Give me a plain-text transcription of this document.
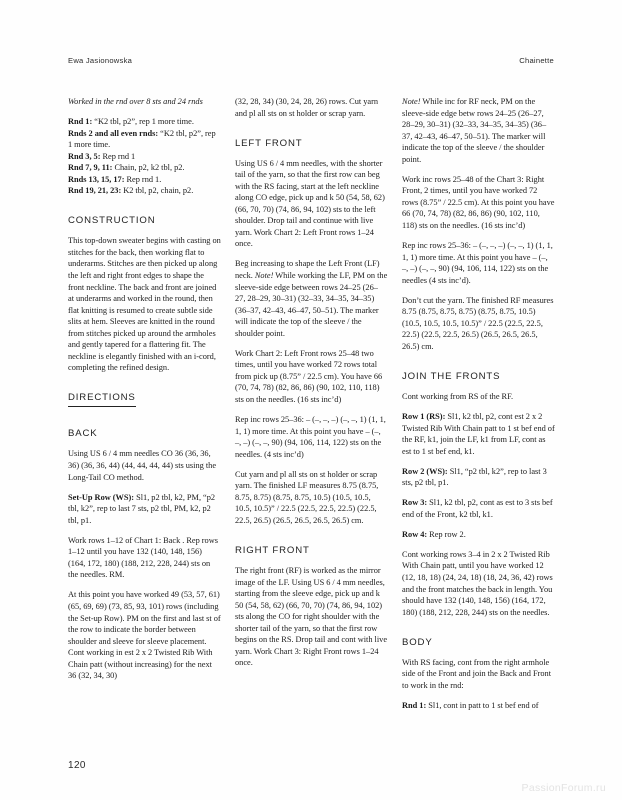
Ewa Jasionowska	Chainette

Worked in the rnd over 8 sts and 24 rnds

Rnd 1: “K2 tbl, p2”, rep 1 more time.

Rnds 2 and all even rnds: “K2 tbl, p2”, rep 1 more time.

Rnd 3, 5: Rep rnd 1

Rnd 7, 9, 11: Chain, p2, k2 tbl, p2.

Rnds 13, 15, 17: Rep rnd 1.

Rnd 19, 21, 23: K2 tbl, p2, chain, p2.

CONSTRUCTION

This top-down sweater begins with casting on stitches for the back, then working flat to underarms. Stitches are then picked up along the left and right front edges to shape the front neckline. The back and front are joined at underarms and worked in the round, then flat knitting is resumed to create subtle side slits at hem. Sleeves are knitted in the round from stitches picked up around the armholes and gently tapered for a flattering fit. The neckline is elegantly finished with an i-cord, completing the refined design.

DIRECTIONS
BACK

Using US 6 / 4 mm needles CO 36 (36, 36, 36) (36, 36, 44) (44, 44, 44, 44) sts using the Long-Tail CO method.

Set-Up Row (WS): Sl1, p2 tbl, k2, PM, “p2 tbl, k2”, rep to last 7 sts, p2 tbl, PM, k2, p2 tbl, p1.

Work rows 1–12 of Chart 1: Back . Rep rows 1–12 until you have 132 (140, 148, 156) (164, 172, 180) (188, 212, 228, 244) sts on the needles. RM.

At this point you have worked 49 (53, 57, 61) (65, 69, 69) (73, 85, 93, 101) rows (including the Set-up Row). PM on the first and last st of the row to indicate the border between shoulder and sleeve for sleeve placement. Cont working in est 2 x 2 Twisted Rib With Chain patt (without increasing) for the next 36 (32, 34, 30)

(32, 28, 34) (30, 24, 28, 26) rows. Cut yarn and pl all sts on st holder or scrap yarn.

LEFT FRONT

Using US 6 / 4 mm needles, with the shorter tail of the yarn, so that the first row can beg with the RS facing, start at the left neckline along CO edge, pick up and k 50 (54, 58, 62) (66, 70, 70) (74, 86, 94, 102) sts to the left shoulder. Drop tail and continue with live yarn. Work Chart 2: Left Front rows 1–24 once.

Beg increasing to shape the Left Front (LF) neck. Note! While working the LF, PM on the sleeve-side edge between rows 24–25 (26–27, 28–29, 30–31) (32–33, 34–35, 34–35) (36–37, 42–43, 46–47, 50–51). The marker will indicate the top of the sleeve / the shoulder point.

Work Chart 2: Left Front rows 25–48 two times, until you have worked 72 rows total from pick up (8.75” / 22.5 cm). You have 66 (70, 74, 78) (82, 86, 86) (90, 102, 110, 118) sts on the needles. (16 sts inc’d)

Rep inc rows 25–36: – (–, –, –) (–, –, 1) (1, 1, 1, 1) more time. At this point you have – (–, –, –) (–, –, 90) (94, 106, 114, 122) sts on the needles. (4 sts inc’d)

Cut yarn and pl all sts on st holder or scrap yarn. The finished LF measures 8.75 (8.75, 8.75, 8.75) (8.75, 8.75, 10.5) (10.5, 10.5, 10.5, 10.5)” / 22.5 (22.5, 22.5, 22.5) (22.5, 22.5, 26.5) (26.5, 26.5, 26.5, 26.5) cm.

RIGHT FRONT

The right front (RF) is worked as the mirror image of the LF. Using US 6 / 4 mm needles, starting from the sleeve edge, pick up and k 50 (54, 58, 62) (66, 70, 70) (74, 86, 94, 102) sts along the CO for right shoulder with the shorter tail of the yarn, so that the first row begins on the RS. Drop tail and cont with live yarn. Work Chart 3: Right Front rows 1–24 once.

Note! While inc for RF neck, PM on the sleeve-side edge betw rows 24–25 (26–27, 28–29, 30–31) (32–33, 34–35, 34–35) (36–37, 42–43, 46–47, 50–51). The marker will indicate the top of the sleeve / the shoulder point.

Work inc rows 25–48 of the Chart 3: Right Front, 2 times, until you have worked 72 rows (8.75” / 22.5 cm). At this point you have 66 (70, 74, 78) (82, 86, 86) (90, 102, 110, 118) sts on the needles. (16 sts inc’d)

Rep inc rows 25–36: – (–, –, –) (–, –, 1) (1, 1, 1, 1) more time. At this point you have – (–, –, –) (–, –, 90) (94, 106, 114, 122) sts on the needles (4 sts inc’d).

Don’t cut the yarn. The finished RF measures 8.75 (8.75, 8.75, 8.75) (8.75, 8.75, 10.5) (10.5, 10.5, 10.5, 10.5)” / 22.5 (22.5, 22.5, 22.5) (22.5, 22.5, 26.5) (26.5, 26.5, 26.5, 26.5) cm.

JOIN THE FRONTS

Cont working from RS of the RF.

Row 1 (RS): Sl1, k2 tbl, p2, cont est 2 x 2 Twisted Rib With Chain patt to 1 st bef end of the RF, k1, join the LF, k1 from LF, cont as est to 1 st bef end, k1.

Row 2 (WS): Sl1, “p2 tbl, k2”, rep to last 3 sts, p2 tbl, p1.

Row 3: Sl1, k2 tbl, p2, cont as est to 3 sts bef end of the Front, k2 tbl, k1.

Row 4: Rep row 2.

Cont working rows 3–4 in 2 x 2 Twisted Rib With Chain patt, until you have worked 12 (12, 18, 18) (24, 24, 18) (18, 24, 36, 42) rows and the front matches the back in length. You should have 132 (140, 148, 156) (164, 172, 180) (188, 212, 228, 244) sts on the needles.

BODY

With RS facing, cont from the right armhole side of the Front and join the Back and Front to work in the rnd:

Rnd 1: Sl1, cont in patt to 1 st bef end of

120
PassionForum.ru
